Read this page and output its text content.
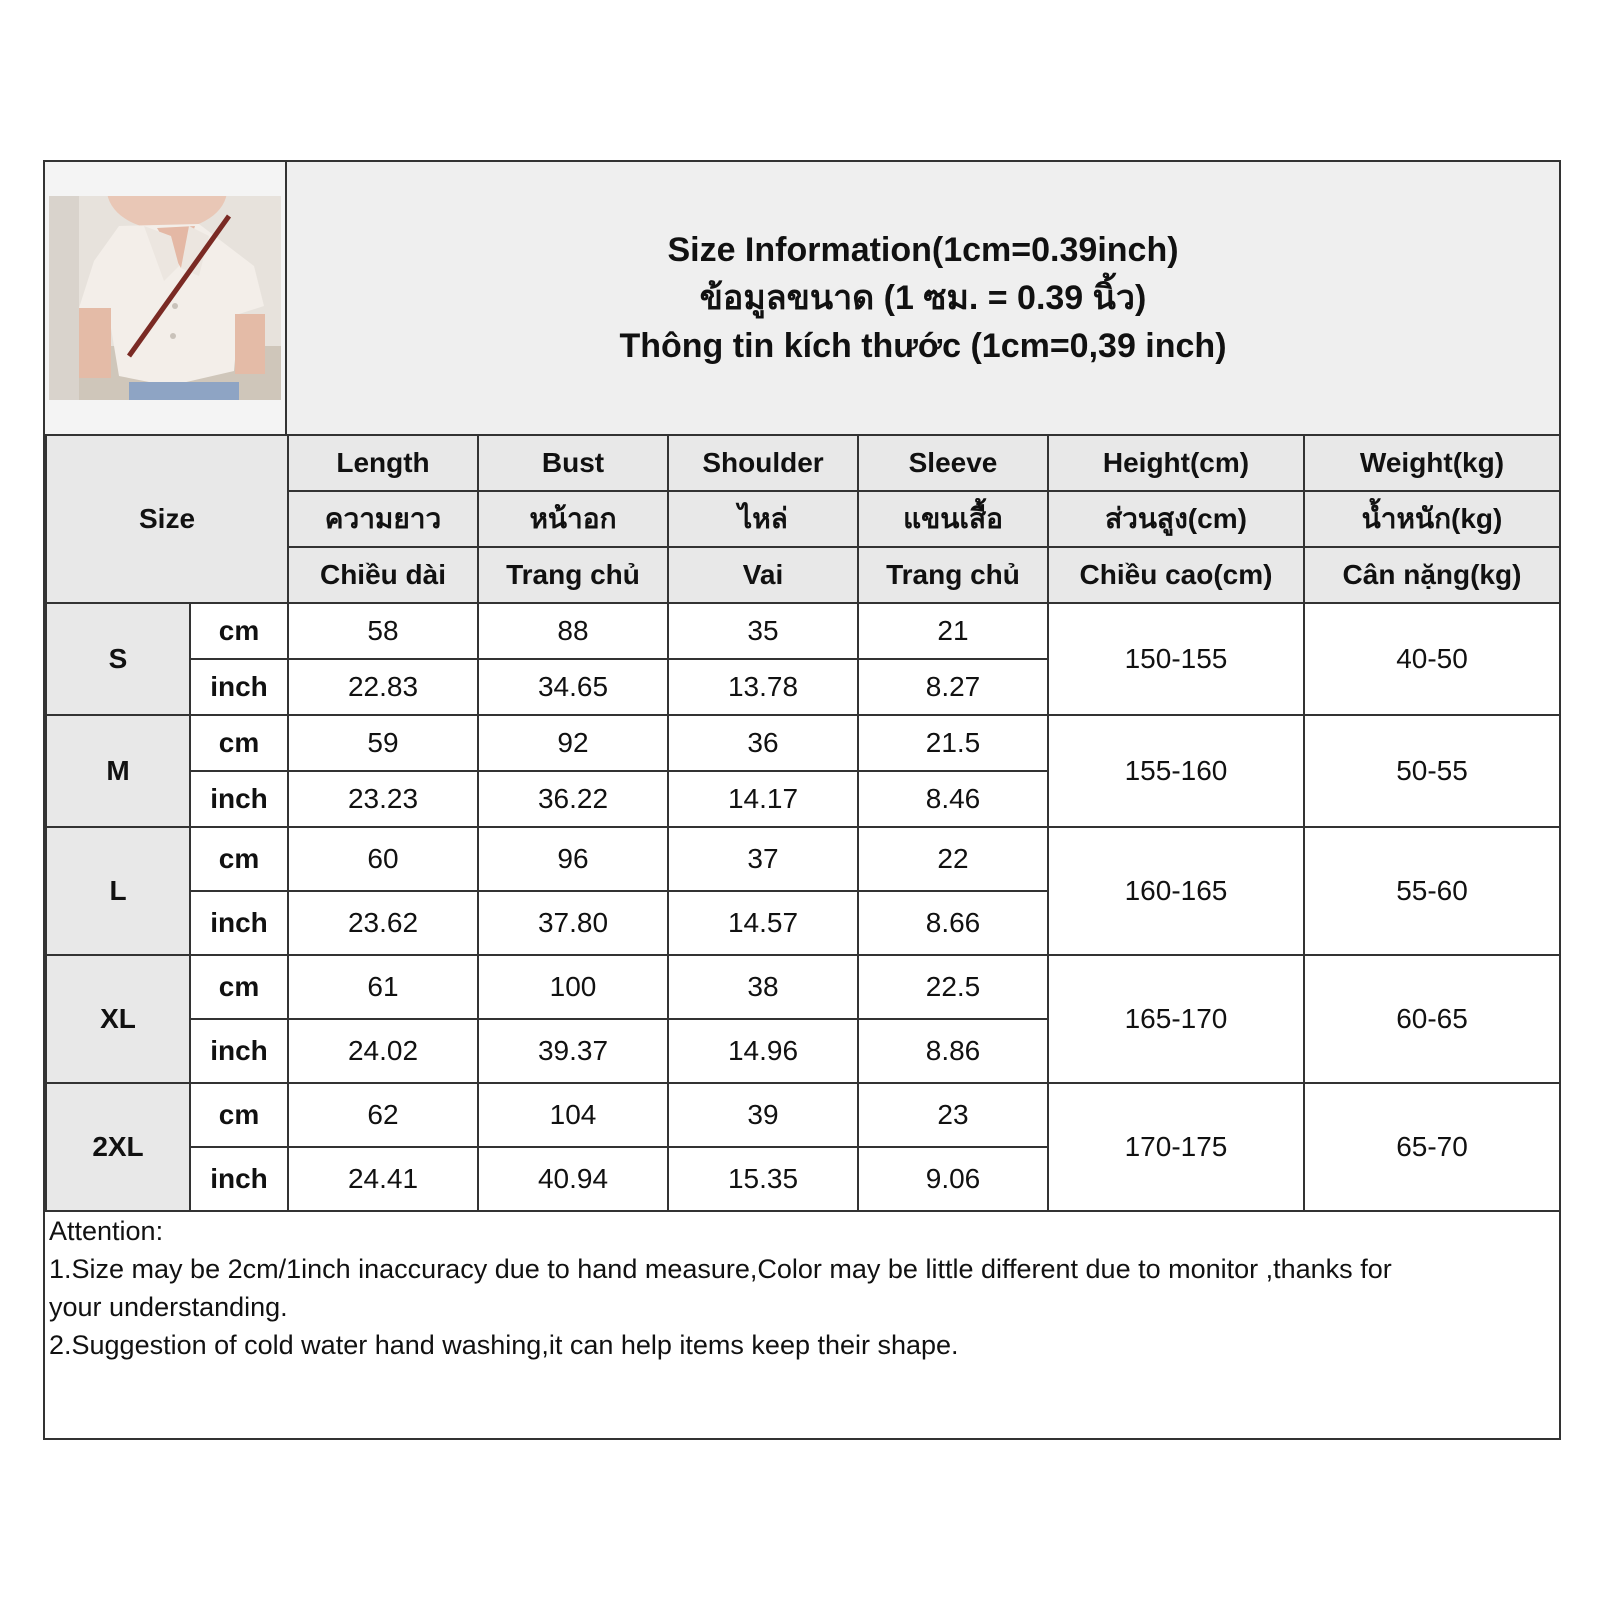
Size Information(1cm=0.39inch)
ข้อมูลขนาด (1 ซม. = 0.39 นิ้ว)
Thông tin kích thước (1cm=0,39 inch)
Size		Length	Bust	Shoulder	Sleeve	Height(cm)	Weight(kg)
		ความยาว	หน้าอก	ไหล่	แขนเสื้อ	ส่วนสูง(cm)	น้ำหนัก(kg)
		Chiều dài	Trang chủ	Vai	Trang chủ	Chiều cao(cm)	Cân nặng(kg)
S	cm	58	88	35	21	150-155	40-50
	inch	22.83	34.65	13.78	8.27		
M	cm	59	92	36	21.5	155-160	50-55
	inch	23.23	36.22	14.17	8.46		
L	cm	60	96	37	22	160-165	55-60
	inch	23.62	37.80	14.57	8.66		
XL	cm	61	100	38	22.5	165-170	60-65
	inch	24.02	39.37	14.96	8.86		
2XL	cm	62	104	39	23	170-175	65-70
	inch	24.41	40.94	15.35	9.06		
Attention:
1.Size may be 2cm/1inch inaccuracy due to hand measure,Color may be little different due to monitor ,thanks for
your understanding.
2.Suggestion of cold water hand washing,it can help items keep their shape.
